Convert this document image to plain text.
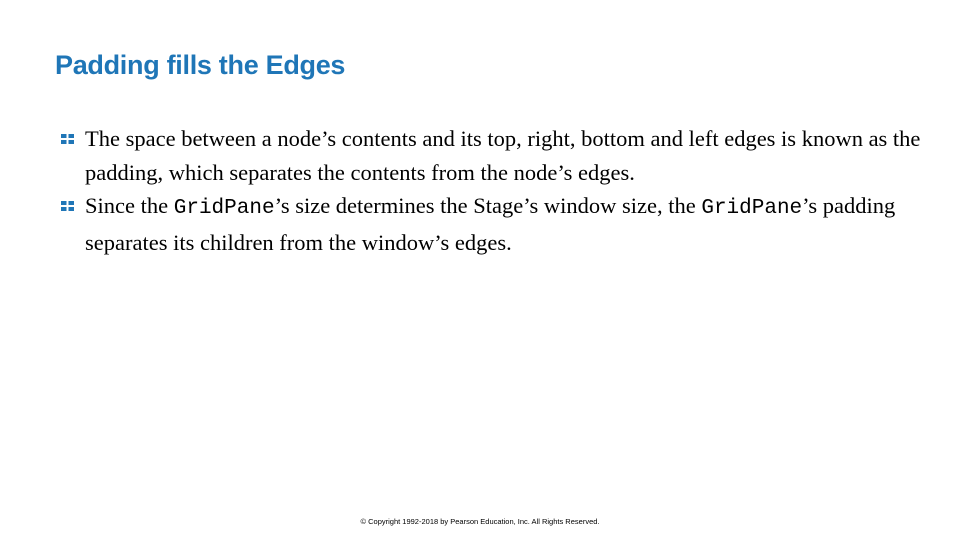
Padding fills the Edges
The space between a node’s contents and its top, right, bottom and left edges is known as the padding, which separates the contents from the node’s edges.
Since the GridPane’s size determines the Stage’s window size, the GridPane’s padding separates its children from the window’s edges.
© Copyright 1992-2018 by Pearson Education, Inc. All Rights Reserved.
